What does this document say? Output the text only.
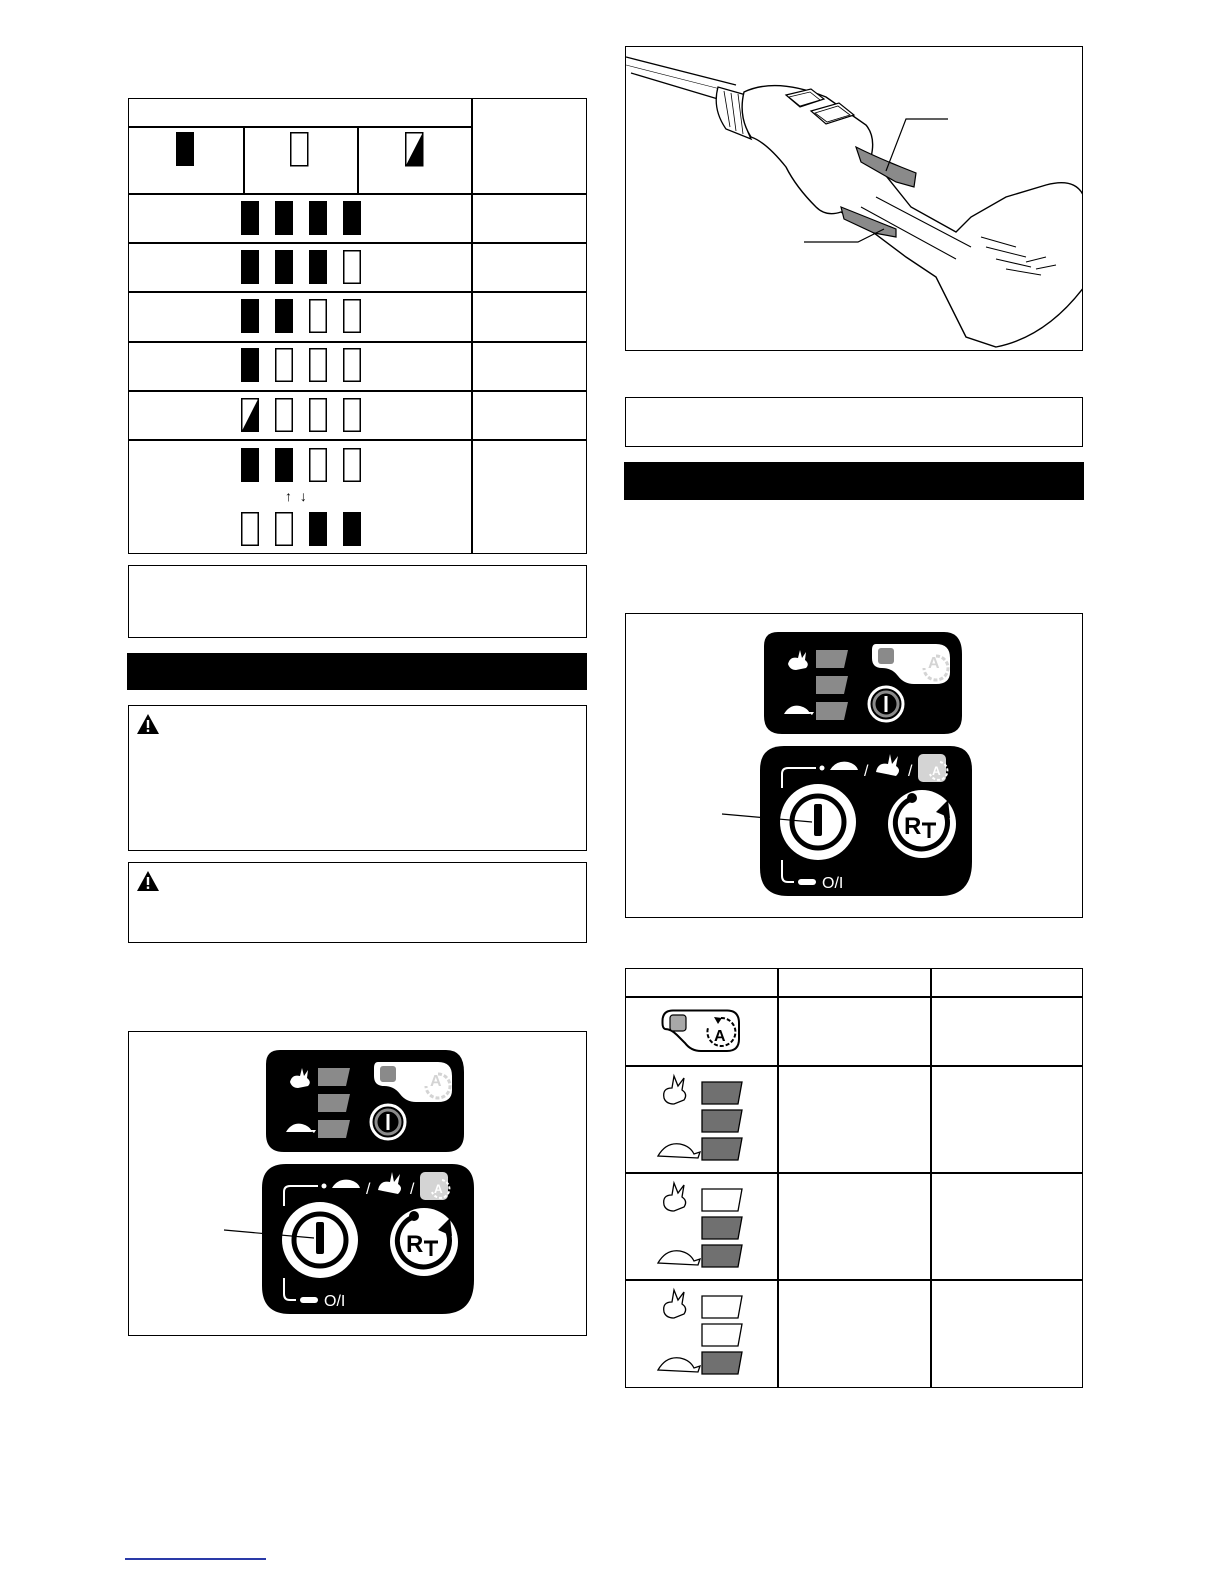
↑ ↓
A
/ / A
R
O/I
A
/ / A
R
O/I
A
